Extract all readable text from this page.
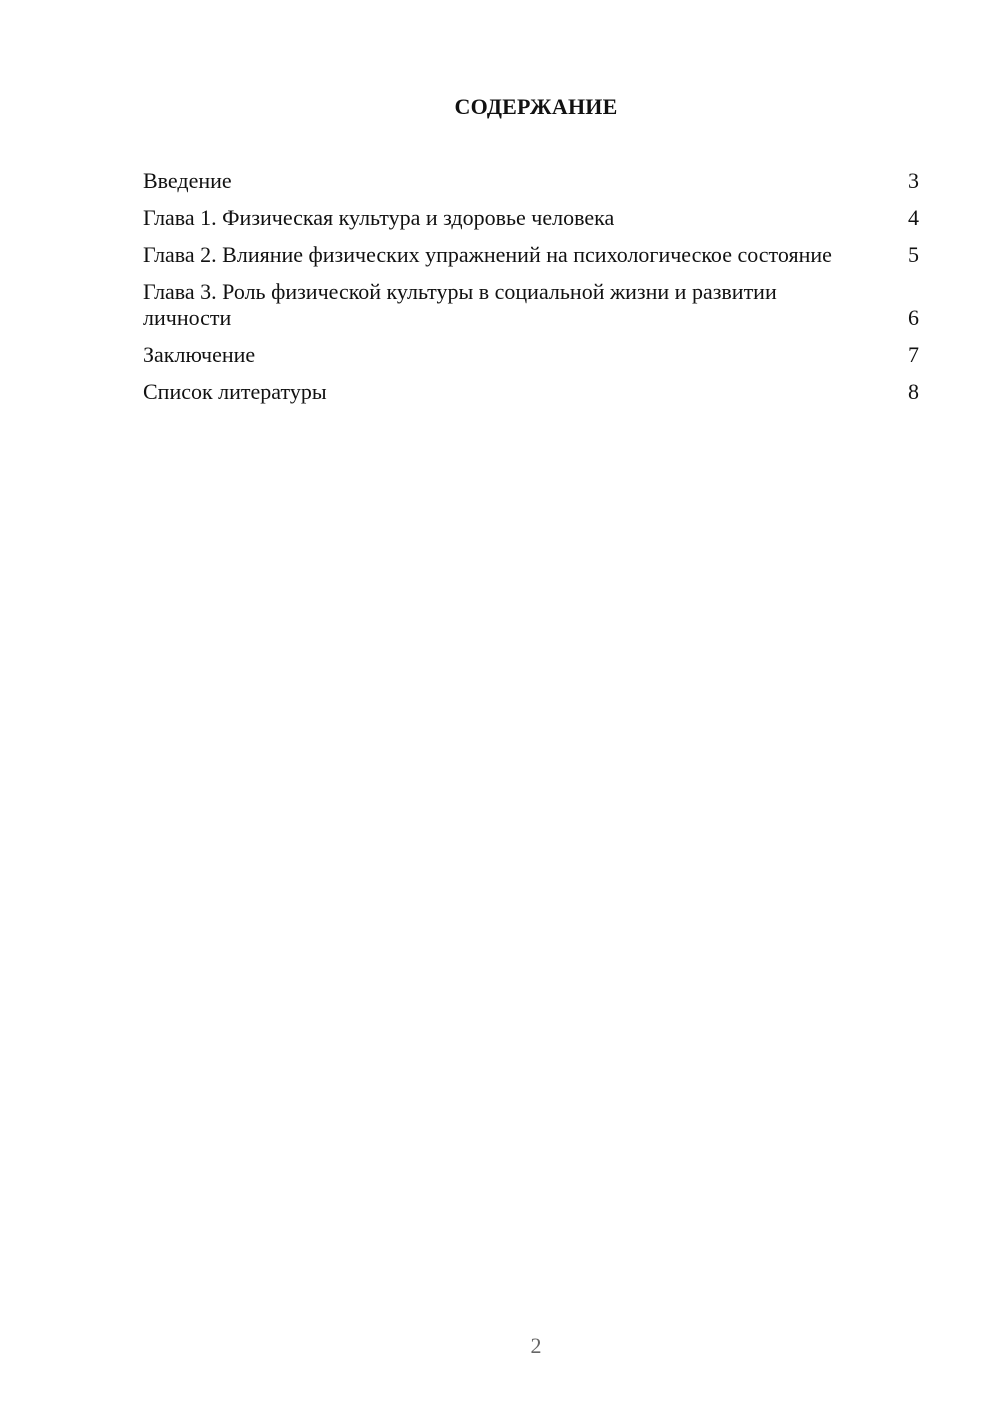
СОДЕРЖАНИЕ
Введение	3
Глава 1. Физическая культура и здоровье человека	4
Глава 2. Влияние физических упражнений на психологическое состояние	5
Глава 3. Роль физической культуры в социальной жизни и развитии личности	6
Заключение	7
Список литературы	8
2
